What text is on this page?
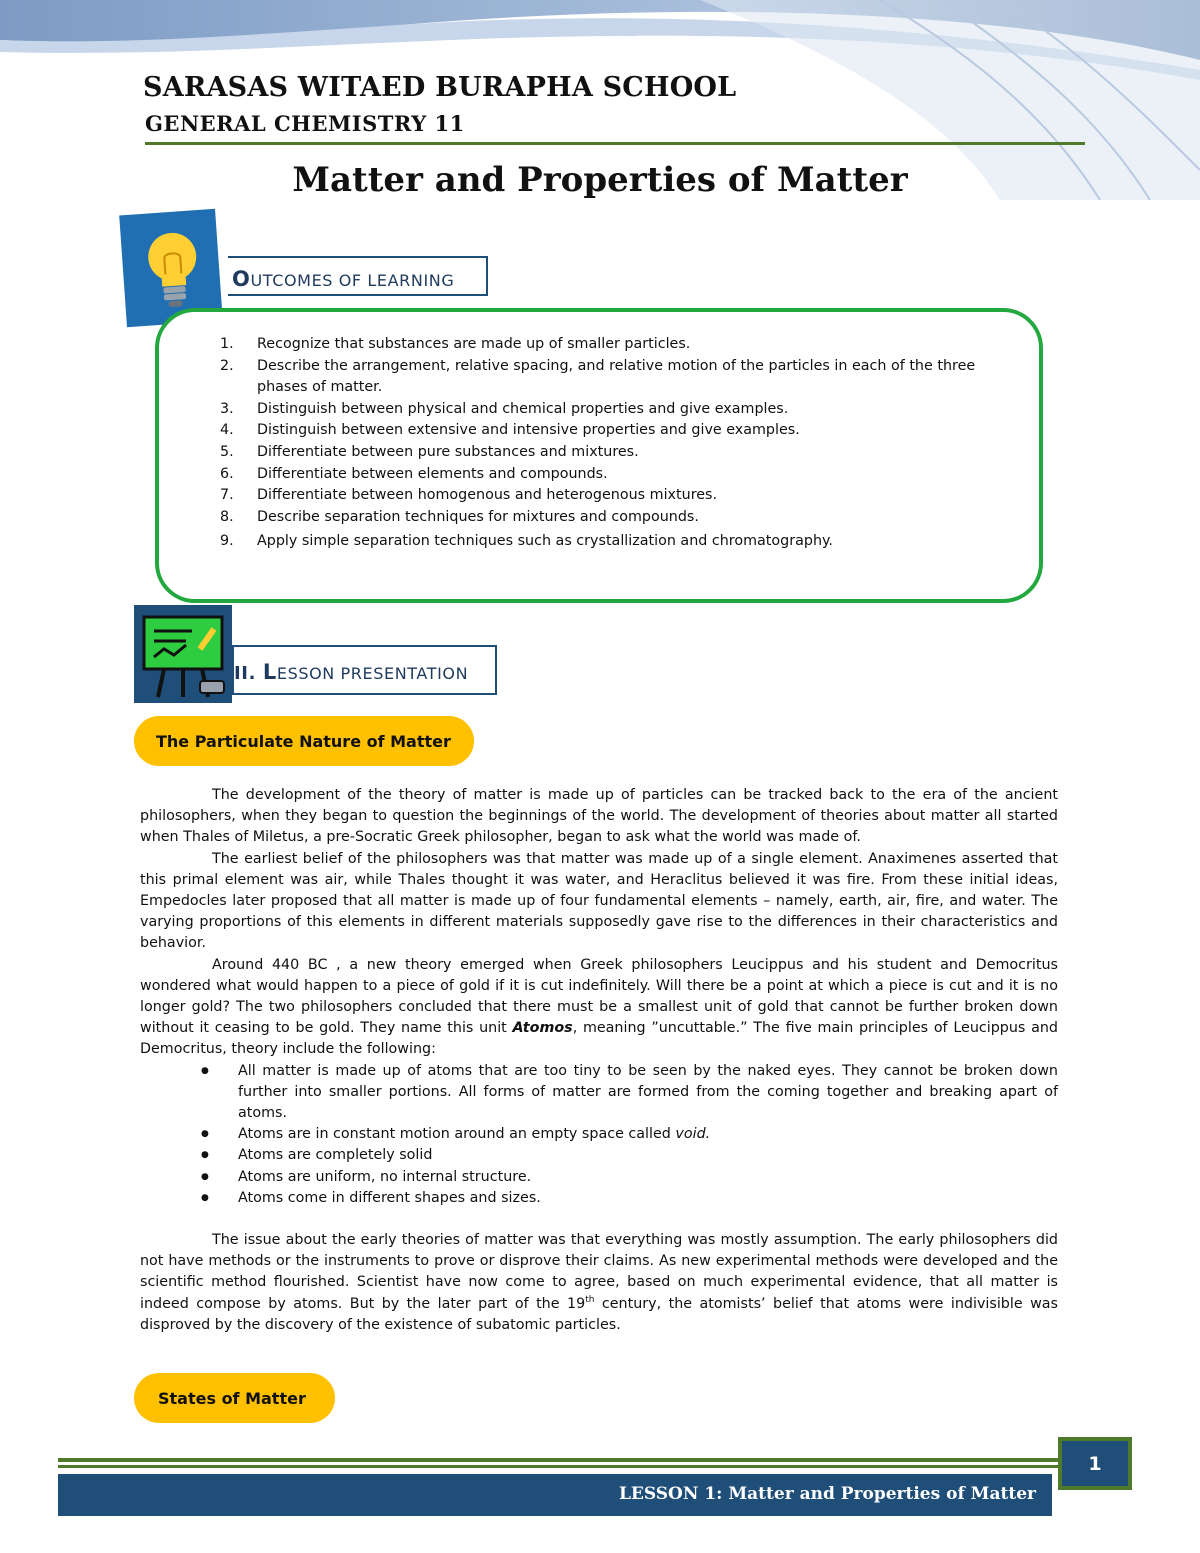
SARASAS WITAED BURAPHA SCHOOL
GENERAL CHEMISTRY 11
Matter and Properties of Matter
OUTCOMES OF LEARNING
1. Recognize that substances are made up of smaller particles.
2. Describe the arrangement, relative spacing, and relative motion of the particles in each of the three phases of matter.
3. Distinguish between physical and chemical properties and give examples.
4. Distinguish between extensive and intensive properties and give examples.
5. Differentiate between pure substances and mixtures.
6. Differentiate between elements and compounds.
7. Differentiate between homogenous and heterogenous mixtures.
8. Describe separation techniques for mixtures and compounds.
9. Apply simple separation techniques such as crystallization and chromatography.
II. LESSON PRESENTATION
The Particulate Nature of Matter

The development of the theory of matter is made up of particles can be tracked back to the era of the ancient philosophers, when they began to question the beginnings of the world. The development of theories about matter all started when Thales of Miletus, a pre-Socratic Greek philosopher, began to ask what the world was made of.

The earliest belief of the philosophers was that matter was made up of a single element. Anaximenes asserted that this primal element was air, while Thales thought it was water, and Heraclitus believed it was fire. From these initial ideas, Empedocles later proposed that all matter is made up of four fundamental elements – namely, earth, air, fire, and water. The varying proportions of this elements in different materials supposedly gave rise to the differences in their characteristics and behavior.

Around 440 BC , a new theory emerged when Greek philosophers Leucippus and his student and Democritus wondered what would happen to a piece of gold if it is cut indefinitely. Will there be a point at which a piece is cut and it is no longer gold? The two philosophers concluded that there must be a smallest unit of gold that cannot be further broken down without it ceasing to be gold. They name this unit Atomos, meaning ”uncuttable.” The five main principles of Leucippus and Democritus, theory include the following:

● All matter is made up of atoms that are too tiny to be seen by the naked eyes. They cannot be broken down further into smaller portions. All forms of matter are formed from the coming together and breaking apart of atoms.
● Atoms are in constant motion around an empty space called void.
● Atoms are completely solid
● Atoms are uniform, no internal structure.
● Atoms come in different shapes and sizes.

The issue about the early theories of matter was that everything was mostly assumption. The early philosophers did not have methods or the instruments to prove or disprove their claims. As new experimental methods were developed and the scientific method flourished. Scientist have now come to agree, based on much experimental evidence, that all matter is indeed compose by atoms. But by the later part of the 19th century, the atomists’ belief that atoms were indivisible was disproved by the discovery of the existence of subatomic particles.

States of Matter
LESSON 1: Matter and Properties of Matter
1
